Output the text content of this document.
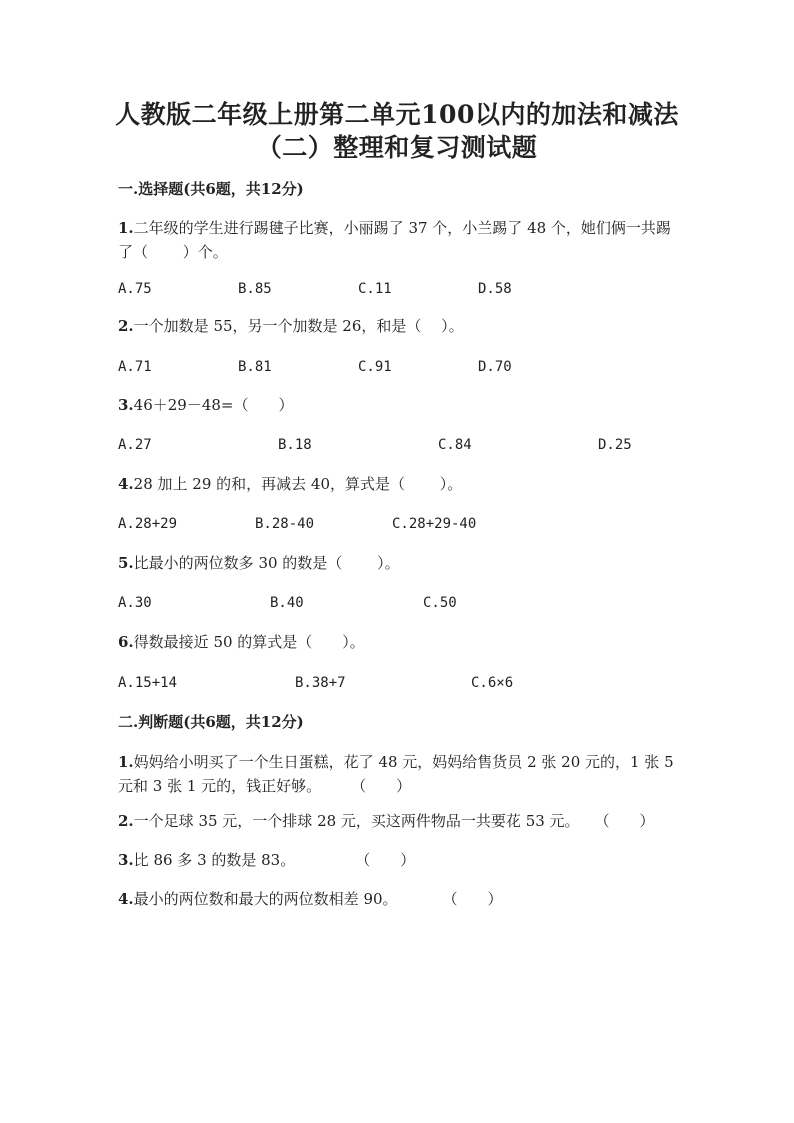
人教版二年级上册第二单元100以内的加法和减法
（二）整理和复习测试题
一.选择题(共6题，共12分)
1.二年级的学生进行踢毽子比赛，小丽踢了 37 个，小兰踢了 48 个，她们俩一共踢了（　　 ）个。
A.75	B.85	C.11	D.58
2.一个加数是 55，另一个加数是 26，和是（　 ）。
A.71	B.81	C.91	D.70
3.46＋29－48=（　　）
A.27	B.18	C.84	D.25
4.28 加上 29 的和，再减去 40，算式是（　　 ）。
A.28+29	B.28-40	C.28+29-40
5.比最小的两位数多 30 的数是（　　 ）。
A.30	B.40	C.50
6.得数最接近 50 的算式是（　　）。
A.15+14	B.38+7	C.6×6
二.判断题(共6题，共12分)
1.妈妈给小明买了一个生日蛋糕，花了 48 元，妈妈给售货员 2 张 20 元的，1 张 5 元和 3 张 1 元的，钱正好够。　　　（　　）
2.一个足球 35 元，一个排球 28 元，买这两件物品一共要花 53 元。　　（　　）
3.比 86 多 3 的数是 83。　　　　　（　　）
4.最小的两位数和最大的两位数相差 90。　　　　（　　）
